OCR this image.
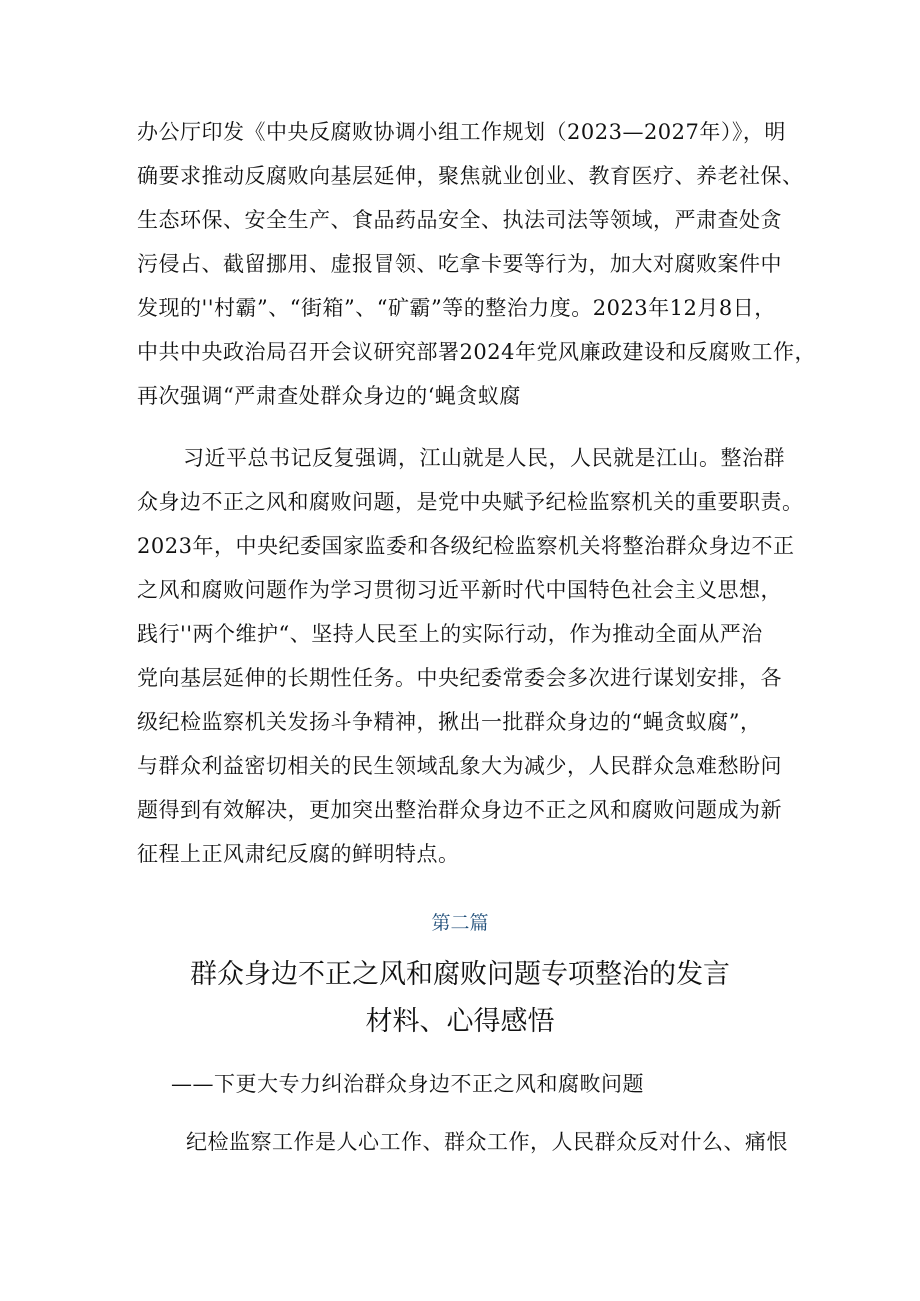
办公厅印发《中央反腐败协调小组工作规划（2023—2027年）》，明
确要求推动反腐败向基层延伸，聚焦就业创业、教育医疗、养老社保、
生态环保、安全生产、食品药品安全、执法司法等领域，严肃查处贪
污侵占、截留挪用、虚报冒领、吃拿卡要等行为，加大对腐败案件中
发现的''村霸”、“街箱”、“矿霸”等的整治力度。2023年12月8日，
中共中央政治局召开会议研究部署2024年党风廉政建设和反腐败工作，
再次强调“严肃查处群众身边的‘蝇贪蚁腐
习近平总书记反复强调，江山就是人民，人民就是江山。整治群
众身边不正之风和腐败问题，是党中央赋予纪检监察机关的重要职责。
2023年，中央纪委国家监委和各级纪检监察机关将整治群众身边不正
之风和腐败问题作为学习贯彻习近平新时代中国特色社会主义思想，
践行''两个维护“、坚持人民至上的实际行动，作为推动全面从严治
党向基层延伸的长期性任务。中央纪委常委会多次进行谋划安排，各
级纪检监察机关发扬斗争精神，揪出一批群众身边的“蝇贪蚁腐”，
与群众利益密切相关的民生领域乱象大为减少，人民群众急难愁盼问
题得到有效解决，更加突出整治群众身边不正之风和腐败问题成为新
征程上正风肃纪反腐的鲜明特点。
第二篇
群众身边不正之风和腐败问题专项整治的发言
材料、心得感悟
——下更大专力纠治群众身边不正之风和腐畋问题
纪检监察工作是人心工作、群众工作，人民群众反对什么、痛恨
